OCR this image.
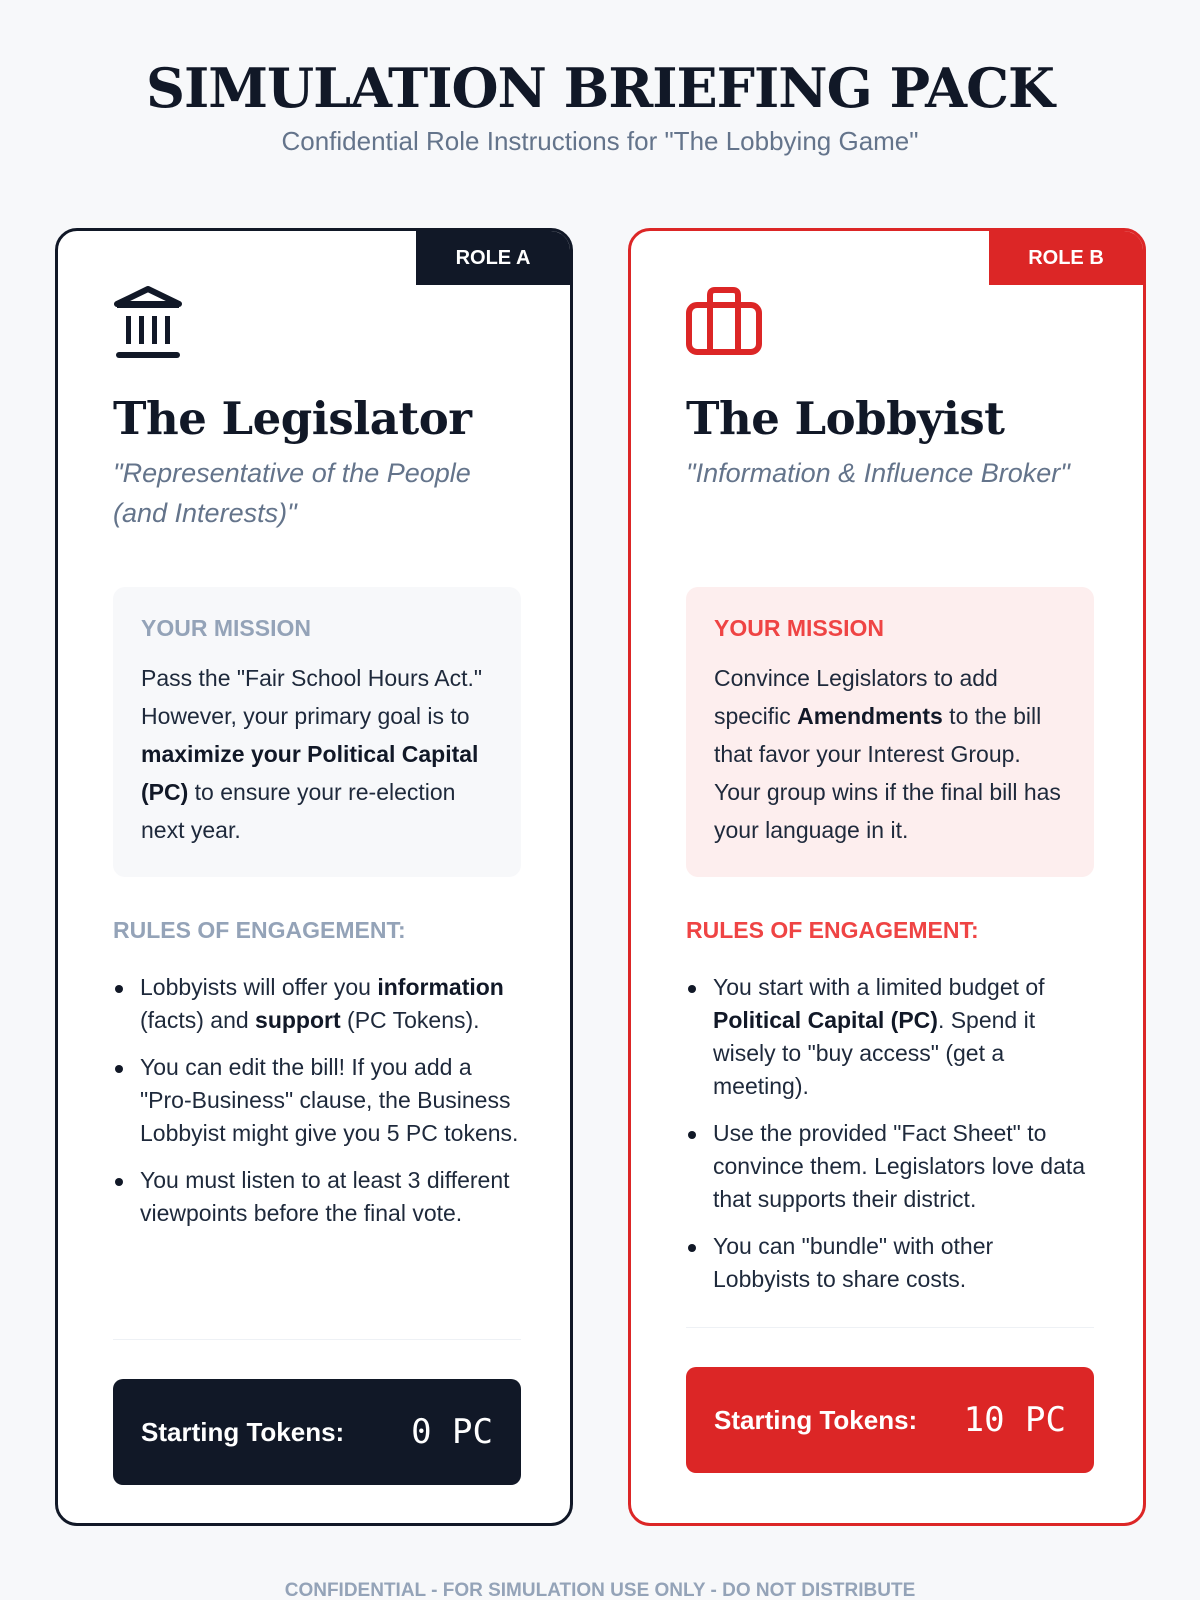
SIMULATION BRIEFING PACK
Confidential Role Instructions for "The Lobbying Game"
ROLE A
The Legislator
"Representative of the People (and Interests)"
YOUR MISSION
Pass the "Fair School Hours Act." However, your primary goal is to maximize your Political Capital (PC) to ensure your re-election next year.
RULES OF ENGAGEMENT:
Lobbyists will offer you information (facts) and support (PC Tokens).
You can edit the bill! If you add a "Pro-Business" clause, the Business Lobbyist might give you 5 PC tokens.
You must listen to at least 3 different viewpoints before the final vote.
Starting Tokens: 0 PC
ROLE B
The Lobbyist
"Information & Influence Broker"
YOUR MISSION
Convince Legislators to add specific Amendments to the bill that favor your Interest Group. Your group wins if the final bill has your language in it.
RULES OF ENGAGEMENT:
You start with a limited budget of Political Capital (PC). Spend it wisely to "buy access" (get a meeting).
Use the provided "Fact Sheet" to convince them. Legislators love data that supports their district.
You can "bundle" with other Lobbyists to share costs.
Starting Tokens: 10 PC
CONFIDENTIAL - FOR SIMULATION USE ONLY - DO NOT DISTRIBUTE
